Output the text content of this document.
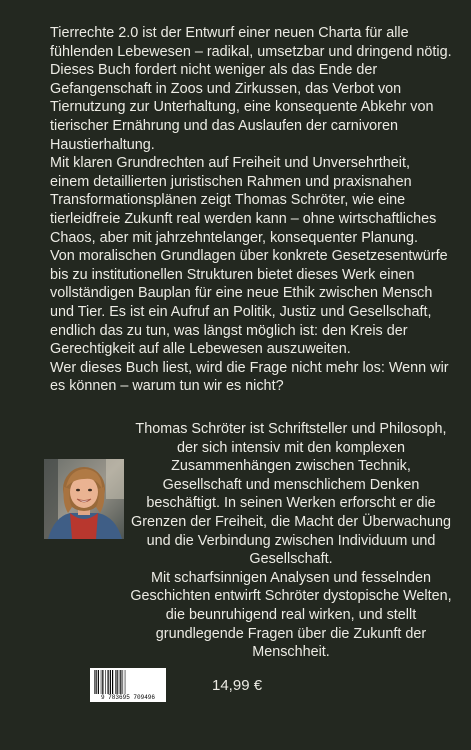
Tierrechte 2.0 ist der Entwurf einer neuen Charta für alle fühlenden Lebewesen – radikal, umsetzbar und dringend nötig. Dieses Buch fordert nicht weniger als das Ende der Gefangenschaft in Zoos und Zirkussen, das Verbot von Tiernutzung zur Unterhaltung, eine konsequente Abkehr von tierischer Ernährung und das Auslaufen der carnivoren Haustierhaltung.

Mit klaren Grundrechten auf Freiheit und Unversehrtheit, einem detaillierten juristischen Rahmen und praxisnahen Transformationsplänen zeigt Thomas Schröter, wie eine tierleidfreie Zukunft real werden kann – ohne wirtschaftliches Chaos, aber mit jahrzehntelanger, konsequenter Planung.

Von moralischen Grundlagen über konkrete Gesetzesentwürfe bis zu institutionellen Strukturen bietet dieses Werk einen vollständigen Bauplan für eine neue Ethik zwischen Mensch und Tier. Es ist ein Aufruf an Politik, Justiz und Gesellschaft, endlich das zu tun, was längst möglich ist: den Kreis der Gerechtigkeit auf alle Lebewesen auszuweiten.

Wer dieses Buch liest, wird die Frage nicht mehr los: Wenn wir es können – warum tun wir es nicht?

Thomas Schröter ist Schriftsteller und Philosoph, der sich intensiv mit den komplexen Zusammenhängen zwischen Technik, Gesellschaft und menschlichem Denken beschäftigt. In seinen Werken erforscht er die Grenzen der Freiheit, die Macht der Überwachung und die Verbindung zwischen Individuum und Gesellschaft.

Mit scharfsinnigen Analysen und fesselnden Geschichten entwirft Schröter dystopische Welten, die beunruhigend real wirken, und stellt grundlegende Fragen über die Zukunft der Menschheit.

9 783695 709496
14,99 €
